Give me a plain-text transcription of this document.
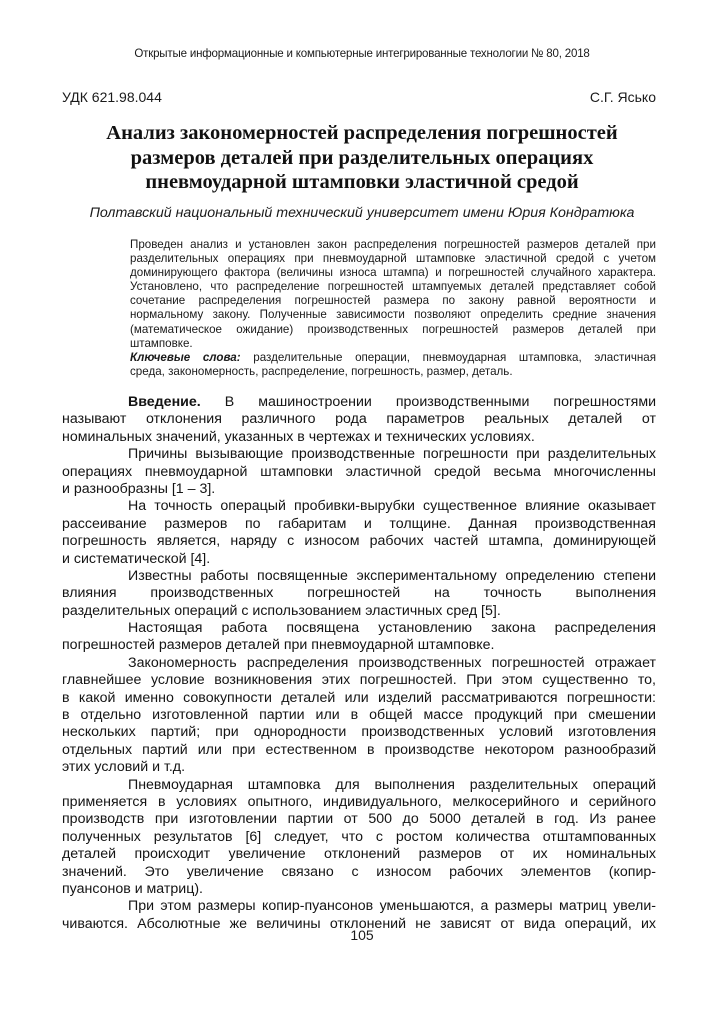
Открытые информационные и компьютерные интегрированные технологии № 80, 2018
УДК 621.98.044	С.Г. Ясько
Анализ закономерностей распределения погрешностей
размеров деталей при разделительных операциях
пневмоударной штамповки эластичной средой
Полтавский национальный технический университет имени Юрия Кондратюка
Проведен анализ и установлен закон распределения погрешностей размеров деталей при
разделительных операциях при пневмоударной штамповке эластичной средой с учетом
доминирующего фактора (величины износа штампа) и погрешностей случайного характера.
Установлено, что распределение погрешностей штампуемых деталей представляет собой
сочетание распределения погрешностей размера по закону равной вероятности и
нормальному закону. Полученные зависимости позволяют определить средние значения
(математическое ожидание) производственных погрешностей размеров деталей при
штамповке.
Ключевые слова: разделительные операции, пневмоударная штамповка, эластичная
среда, закономерность, распределение, погрешность, размер, деталь.
Введение. В машиностроении производственными погрешностями
называют отклонения различного рода параметров реальных деталей от
номинальных значений, указанных в чертежах и технических условиях.
Причины вызывающие производственные погрешности при разделительных
операциях пневмоударной штамповки эластичной средой весьма многочисленны
и разнообразны [1 – 3].
На точность операцый пробивки-вырубки существенное влияние оказывает
рассеивание размеров по габаритам и толщине. Данная производственная
погрешность является, наряду с износом рабочих частей штампа, доминирующей
и систематической [4].
Известны работы посвященные экспериментальному определению степени
влияния производственных погрешностей на точность выполнения
разделительных операций с использованием эластичных сред [5].
Настоящая работа посвящена установлению закона распределения
погрешностей размеров деталей при пневмоударной штамповке.
Закономерность распределения производственных погрешностей отражает
главнейшее условие возникновения этих погрешностей. При этом существенно то,
в какой именно совокупности деталей или изделий рассматриваются погрешности:
в отдельно изготовленной партии или в общей массе продукций при смешении
нескольких партий; при однородности производственных условий изготовления
отдельных партий или при естественном в производстве некотором разнообразий
этих условий и т.д.
Пневмоударная штамповка для выполнения разделительных операций
применяется в условиях опытного, индивидуального, мелкосерийного и серийного
производств при изготовлении партии от 500 до 5000 деталей в год. Из ранее
полученных результатов [6] следует, что с ростом количества отштампованных
деталей происходит увеличение отклонений размеров от их номинальных
значений. Это увеличение связано с износом рабочих элементов (копир-
пуансонов и матриц).
При этом размеры копир-пуансонов уменьшаются, а размеры матриц увели-
чиваются. Абсолютные же величины отклонений не зависят от вида операций, их
105
